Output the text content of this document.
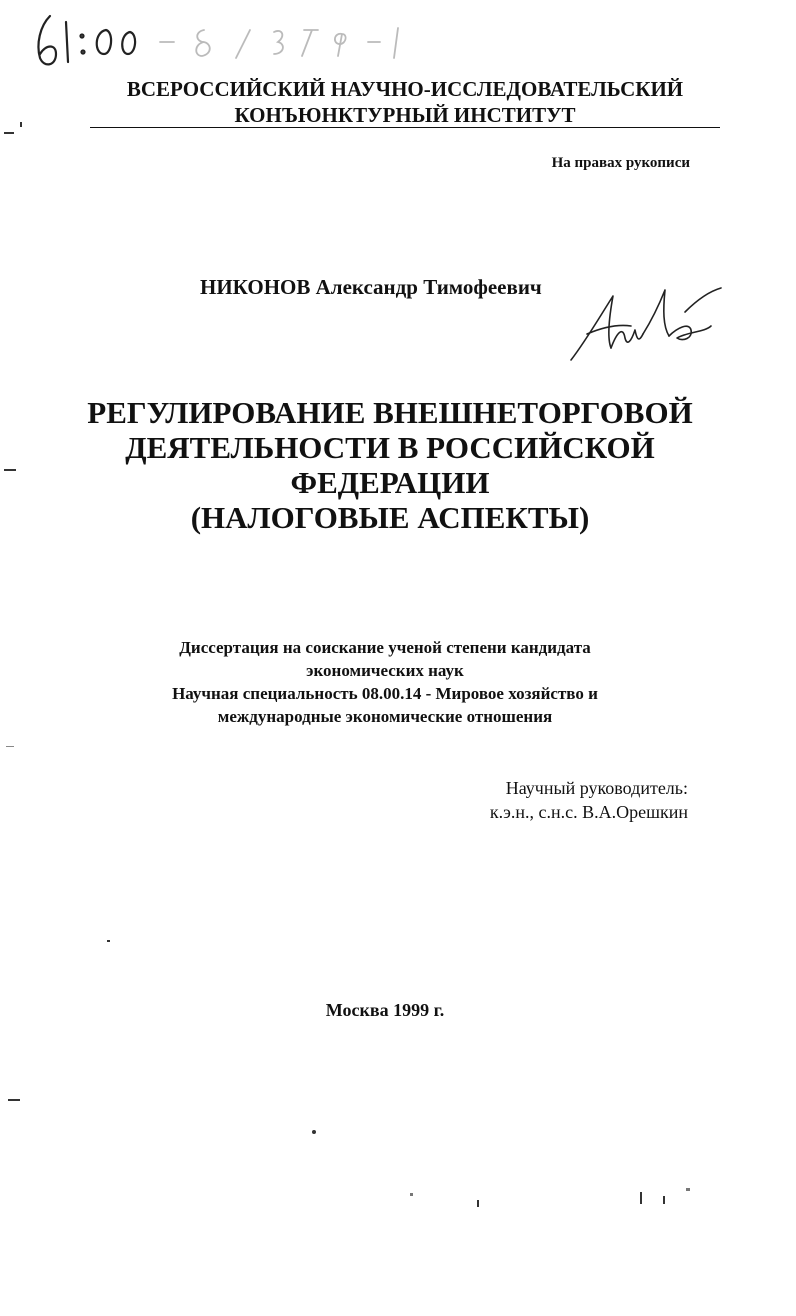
ВСЕРОССИЙСКИЙ НАУЧНО-ИССЛЕДОВАТЕЛЬСКИЙ
КОНЪЮНКТУРНЫЙ ИНСТИТУТ
На правах рукописи
НИКОНОВ Александр Тимофеевич
РЕГУЛИРОВАНИЕ ВНЕШНЕТОРГОВОЙ
ДЕЯТЕЛЬНОСТИ В РОССИЙСКОЙ
ФЕДЕРАЦИИ
(НАЛОГОВЫЕ АСПЕКТЫ)
Диссертация на соискание ученой степени кандидата
экономических наук
Научная специальность 08.00.14 - Мировое хозяйство и
международные экономические отношения
Научный руководитель:
к.э.н., с.н.с. В.А.Орешкин
Москва 1999 г.
